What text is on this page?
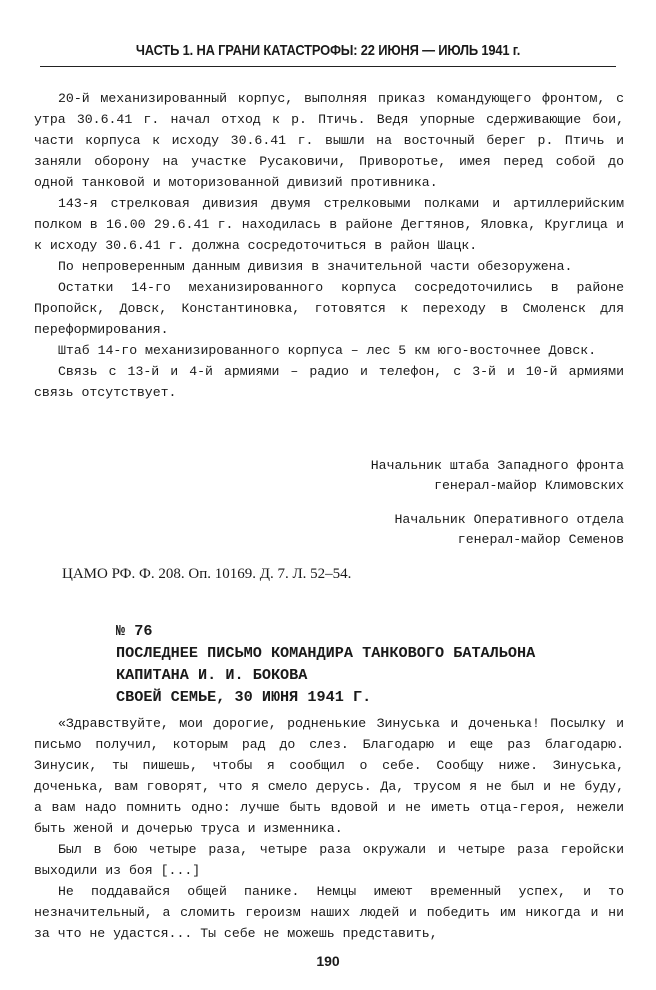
ЧАСТЬ 1. НА ГРАНИ КАТАСТРОФЫ: 22 ИЮНЯ — ИЮЛЬ 1941 г.

20-й механизированный корпус, выполняя приказ командующего фронтом, с утра 30.6.41 г. начал отход к р. Птичь. Ведя упорные сдерживающие бои, части корпуса к исходу 30.6.41 г. вышли на восточный берег р. Птичь и заняли оборону на участке Русаковичи, Приворотье, имея перед собой до одной танковой и моторизованной дивизий противника.

143-я стрелковая дивизия двумя стрелковыми полками и артиллерийским полком в 16.00 29.6.41 г. находилась в районе Дегтянов, Яловка, Круглица и к исходу 30.6.41 г. должна сосредоточиться в район Шацк.

По непроверенным данным дивизия в значительной части обезоружена.

Остатки 14-го механизированного корпуса сосредоточились в районе Пропойск, Довск, Константиновка, готовятся к переходу в Смоленск для переформирования.

Штаб 14-го механизированного корпуса – лес 5 км юго-восточнее Довск.

Связь с 13-й и 4-й армиями – радио и телефон, с 3-й и 10-й армиями связь отсутствует.

Начальник штаба Западного фронта
генерал-майор Климовских
Начальник Оперативного отдела
генерал-майор Семенов
ЦАМО РФ. Ф. 208. Оп. 10169. Д. 7. Л. 52–54.
№ 76
ПОСЛЕДНЕЕ ПИСЬМО КОМАНДИРА ТАНКОВОГО БАТАЛЬОНА
КАПИТАНА И. И. БОКОВА
СВОЕЙ СЕМЬЕ, 30 ИЮНЯ 1941 Г.

«Здравствуйте, мои дорогие, родненькие Зинуська и доченька! Посылку и письмо получил, которым рад до слез. Благодарю и еще раз благодарю. Зинусик, ты пишешь, чтобы я сообщил о себе. Сообщу ниже. Зинуська, доченька, вам говорят, что я смело дерусь. Да, трусом я не был и не буду, а вам надо помнить одно: лучше быть вдовой и не иметь отца-героя, нежели быть женой и дочерью труса и изменника.

Был в бою четыре раза, четыре раза окружали и четыре раза геройски выходили из боя [...]

Не поддавайся общей панике. Немцы имеют временный успех, и то незначительный, а сломить героизм наших людей и победить им никогда и ни за что не удастся... Ты себе не можешь представить,

190
